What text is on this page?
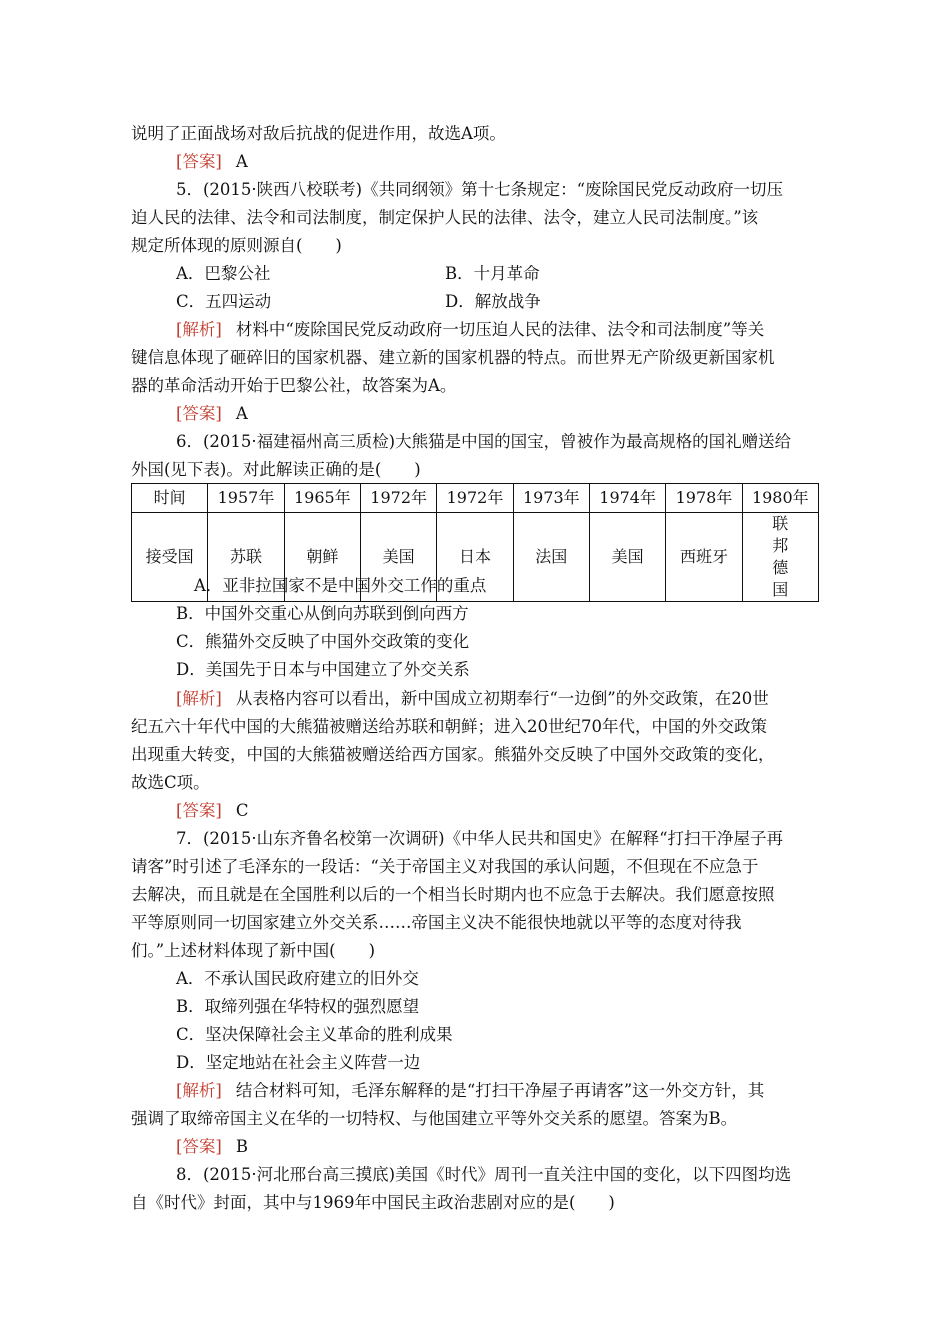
说明了正面战场对敌后抗战的促进作用，故选A项。
[答案] A
5．(2015·陕西八校联考)《共同纲领》第十七条规定：“废除国民党反动政府一切压
迫人民的法律、法令和司法制度，制定保护人民的法律、法令，建立人民司法制度。”该
规定所体现的原则源自(　　)
A．巴黎公社	B．十月革命
C．五四运动	D．解放战争
[解析] 材料中“废除国民党反动政府一切压迫人民的法律、法令和司法制度”等关
键信息体现了砸碎旧的国家机器、建立新的国家机器的特点。而世界无产阶级更新国家机
器的革命活动开始于巴黎公社，故答案为A。
[答案] A
6．(2015·福建福州高三质检)大熊猫是中国的国宝，曾被作为最高规格的国礼赠送给
外国(见下表)。对此解读正确的是(　　)
时间	1957年	1965年	1972年	1972年	1973年	1974年	1978年	1980年
接受国	苏联	朝鲜	美国	日本	法国	美国	西班牙	联邦德国
A．亚非拉国家不是中国外交工作的重点
B．中国外交重心从倒向苏联到倒向西方
C．熊猫外交反映了中国外交政策的变化
D．美国先于日本与中国建立了外交关系
[解析] 从表格内容可以看出，新中国成立初期奉行“一边倒”的外交政策，在20世
纪五六十年代中国的大熊猫被赠送给苏联和朝鲜；进入20世纪70年代，中国的外交政策
出现重大转变，中国的大熊猫被赠送给西方国家。熊猫外交反映了中国外交政策的变化，
故选C项。
[答案] C
7．(2015·山东齐鲁名校第一次调研)《中华人民共和国史》在解释“打扫干净屋子再
请客”时引述了毛泽东的一段话：“关于帝国主义对我国的承认问题，不但现在不应急于
去解决，而且就是在全国胜利以后的一个相当长时期内也不应急于去解决。我们愿意按照
平等原则同一切国家建立外交关系……帝国主义决不能很快地就以平等的态度对待我
们。”上述材料体现了新中国(　　)
A．不承认国民政府建立的旧外交
B．取缔列强在华特权的强烈愿望
C．坚决保障社会主义革命的胜利成果
D．坚定地站在社会主义阵营一边
[解析] 结合材料可知，毛泽东解释的是“打扫干净屋子再请客”这一外交方针，其
强调了取缔帝国主义在华的一切特权、与他国建立平等外交关系的愿望。答案为B。
[答案] B
8．(2015·河北邢台高三摸底)美国《时代》周刊一直关注中国的变化，以下四图均选
自《时代》封面，其中与1969年中国民主政治悲剧对应的是(　　)
